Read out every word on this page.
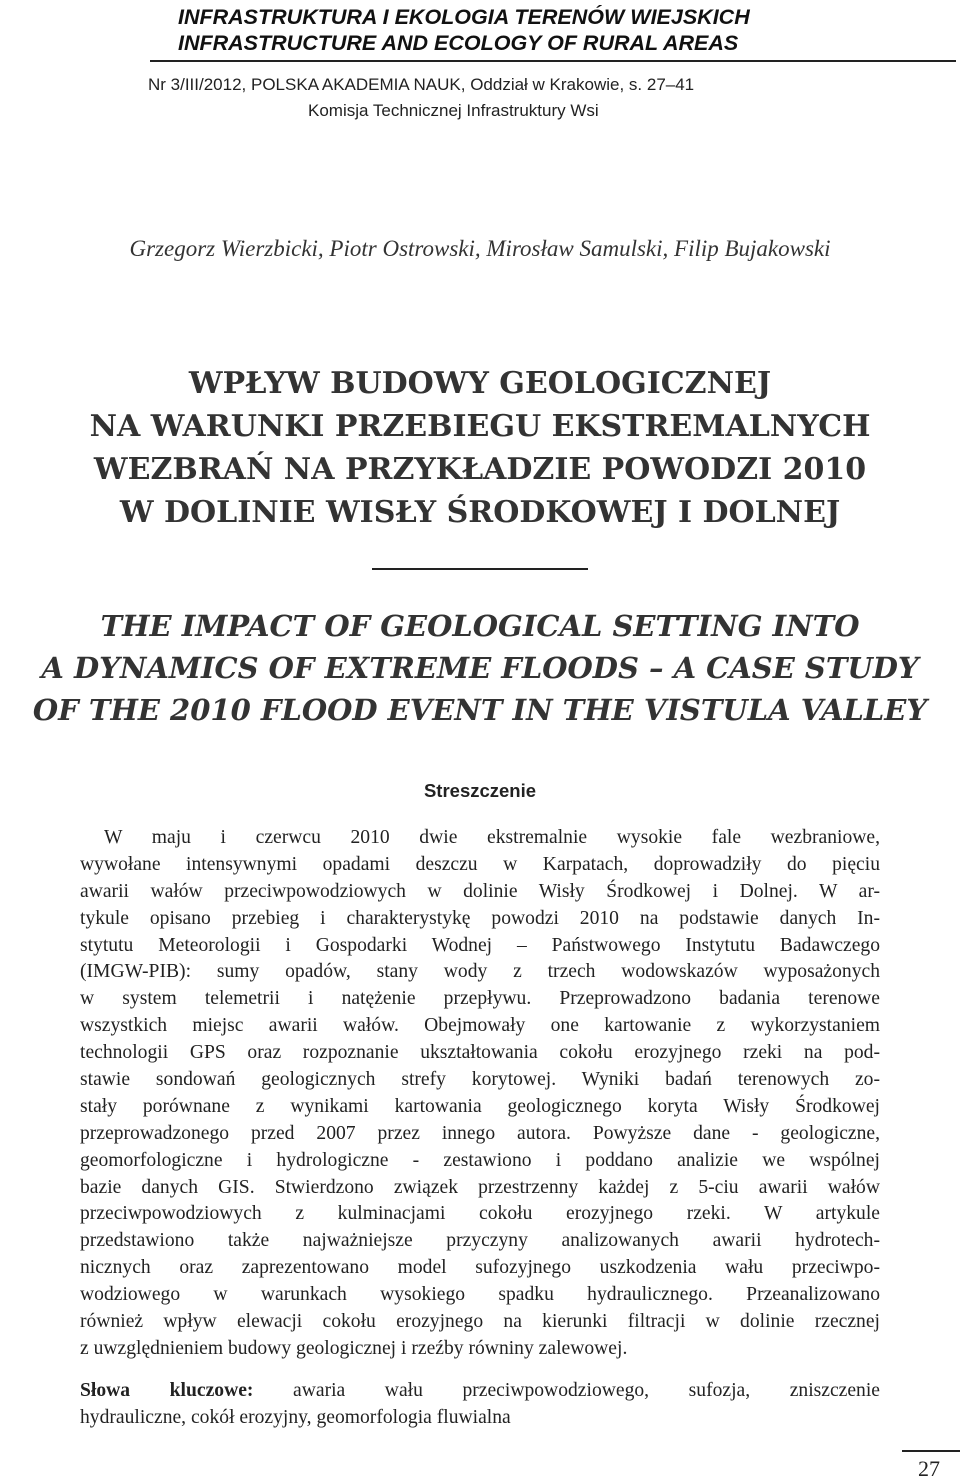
INFRASTRUKTURA I EKOLOGIA TERENÓW WIEJSKICH
INFRASTRUCTURE AND ECOLOGY OF RURAL AREAS
Nr 3/III/2012, POLSKA AKADEMIA NAUK, Oddział w Krakowie, s. 27–41
Komisja Technicznej Infrastruktury Wsi
Grzegorz Wierzbicki, Piotr Ostrowski, Mirosław Samulski, Filip Bujakowski
WPŁYW BUDOWY GEOLOGICZNEJ
NA WARUNKI PRZEBIEGU EKSTREMALNYCH
WEZBRAŃ NA PRZYKŁADZIE POWODZI 2010
W DOLINIE WISŁY ŚRODKOWEJ I DOLNEJ
THE IMPACT OF GEOLOGICAL SETTING INTO
A DYNAMICS OF EXTREME FLOODS – A CASE STUDY
OF THE 2010 FLOOD EVENT IN THE VISTULA VALLEY
Streszczenie
W maju i czerwcu 2010 dwie ekstremalnie wysokie fale wezbraniowe,
wywołane intensywnymi opadami deszczu w Karpatach, doprowadziły do pięciu
awarii wałów przeciwpowodziowych w dolinie Wisły Środkowej i Dolnej. W ar-
tykule opisano przebieg i charakterystykę powodzi 2010 na podstawie danych In-
stytutu Meteorologii i Gospodarki Wodnej – Państwowego Instytutu Badawczego
(IMGW-PIB): sumy opadów, stany wody z trzech wodowskazów wyposażonych
w system telemetrii i natężenie przepływu. Przeprowadzono badania terenowe
wszystkich miejsc awarii wałów. Obejmowały one kartowanie z wykorzystaniem
technologii GPS oraz rozpoznanie ukształtowania cokołu erozyjnego rzeki na pod-
stawie sondowań geologicznych strefy korytowej. Wyniki badań terenowych zo-
stały porównane z wynikami kartowania geologicznego koryta Wisły Środkowej
przeprowadzonego przed 2007 przez innego autora. Powyższe dane - geologiczne,
geomorfologiczne i hydrologiczne - zestawiono i poddano analizie we wspólnej
bazie danych GIS. Stwierdzono związek przestrzenny każdej z 5-ciu awarii wałów
przeciwpowodziowych z kulminacjami cokołu erozyjnego rzeki. W artykule
przedstawiono także najważniejsze przyczyny analizowanych awarii hydrotech-
nicznych oraz zaprezentowano model sufozyjnego uszkodzenia wału przeciwpo-
wodziowego w warunkach wysokiego spadku hydraulicznego. Przeanalizowano
również wpływ elewacji cokołu erozyjnego na kierunki filtracji w dolinie rzecznej
z uwzględnieniem budowy geologicznej i rzeźby równiny zalewowej.
Słowa kluczowe: awaria wału przeciwpowodziowego, sufozja, zniszczenie
hydrauliczne, cokół erozyjny, geomorfologia fluwialna
27
